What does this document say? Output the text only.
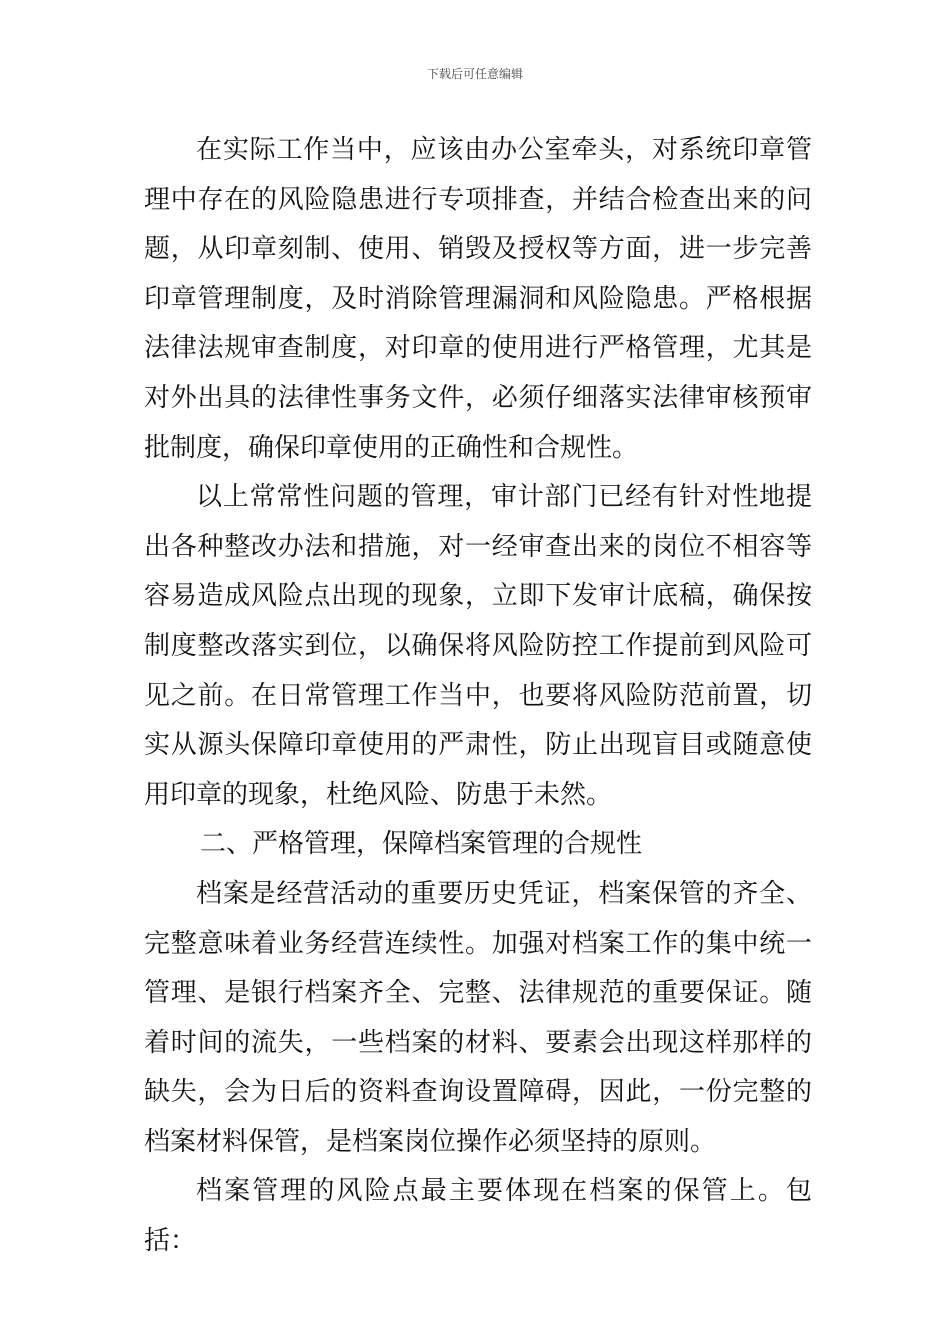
下载后可任意编辑

在实际工作当中，应该由办公室牵头，对系统印章管理中存在的风险隐患进行专项排查，并结合检查出来的问题，从印章刻制、使用、销毁及授权等方面，进一步完善印章管理制度，及时消除管理漏洞和风险隐患。严格根据法律法规审查制度，对印章的使用进行严格管理，尤其是对外出具的法律性事务文件，必须仔细落实法律审核预审批制度，确保印章使用的正确性和合规性。

以上常常性问题的管理，审计部门已经有针对性地提出各种整改办法和措施，对一经审查出来的岗位不相容等容易造成风险点出现的现象，立即下发审计底稿，确保按制度整改落实到位，以确保将风险防控工作提前到风险可见之前。在日常管理工作当中，也要将风险防范前置，切实从源头保障印章使用的严肃性，防止出现盲目或随意使用印章的现象，杜绝风险、防患于未然。

二、严格管理，保障档案管理的合规性

档案是经营活动的重要历史凭证，档案保管的齐全、完整意味着业务经营连续性。加强对档案工作的集中统一管理、是银行档案齐全、完整、法律规范的重要保证。随着时间的流失，一些档案的材料、要素会出现这样那样的缺失，会为日后的资料查询设置障碍，因此，一份完整的档案材料保管，是档案岗位操作必须坚持的原则。

档案管理的风险点最主要体现在档案的保管上。包括：
